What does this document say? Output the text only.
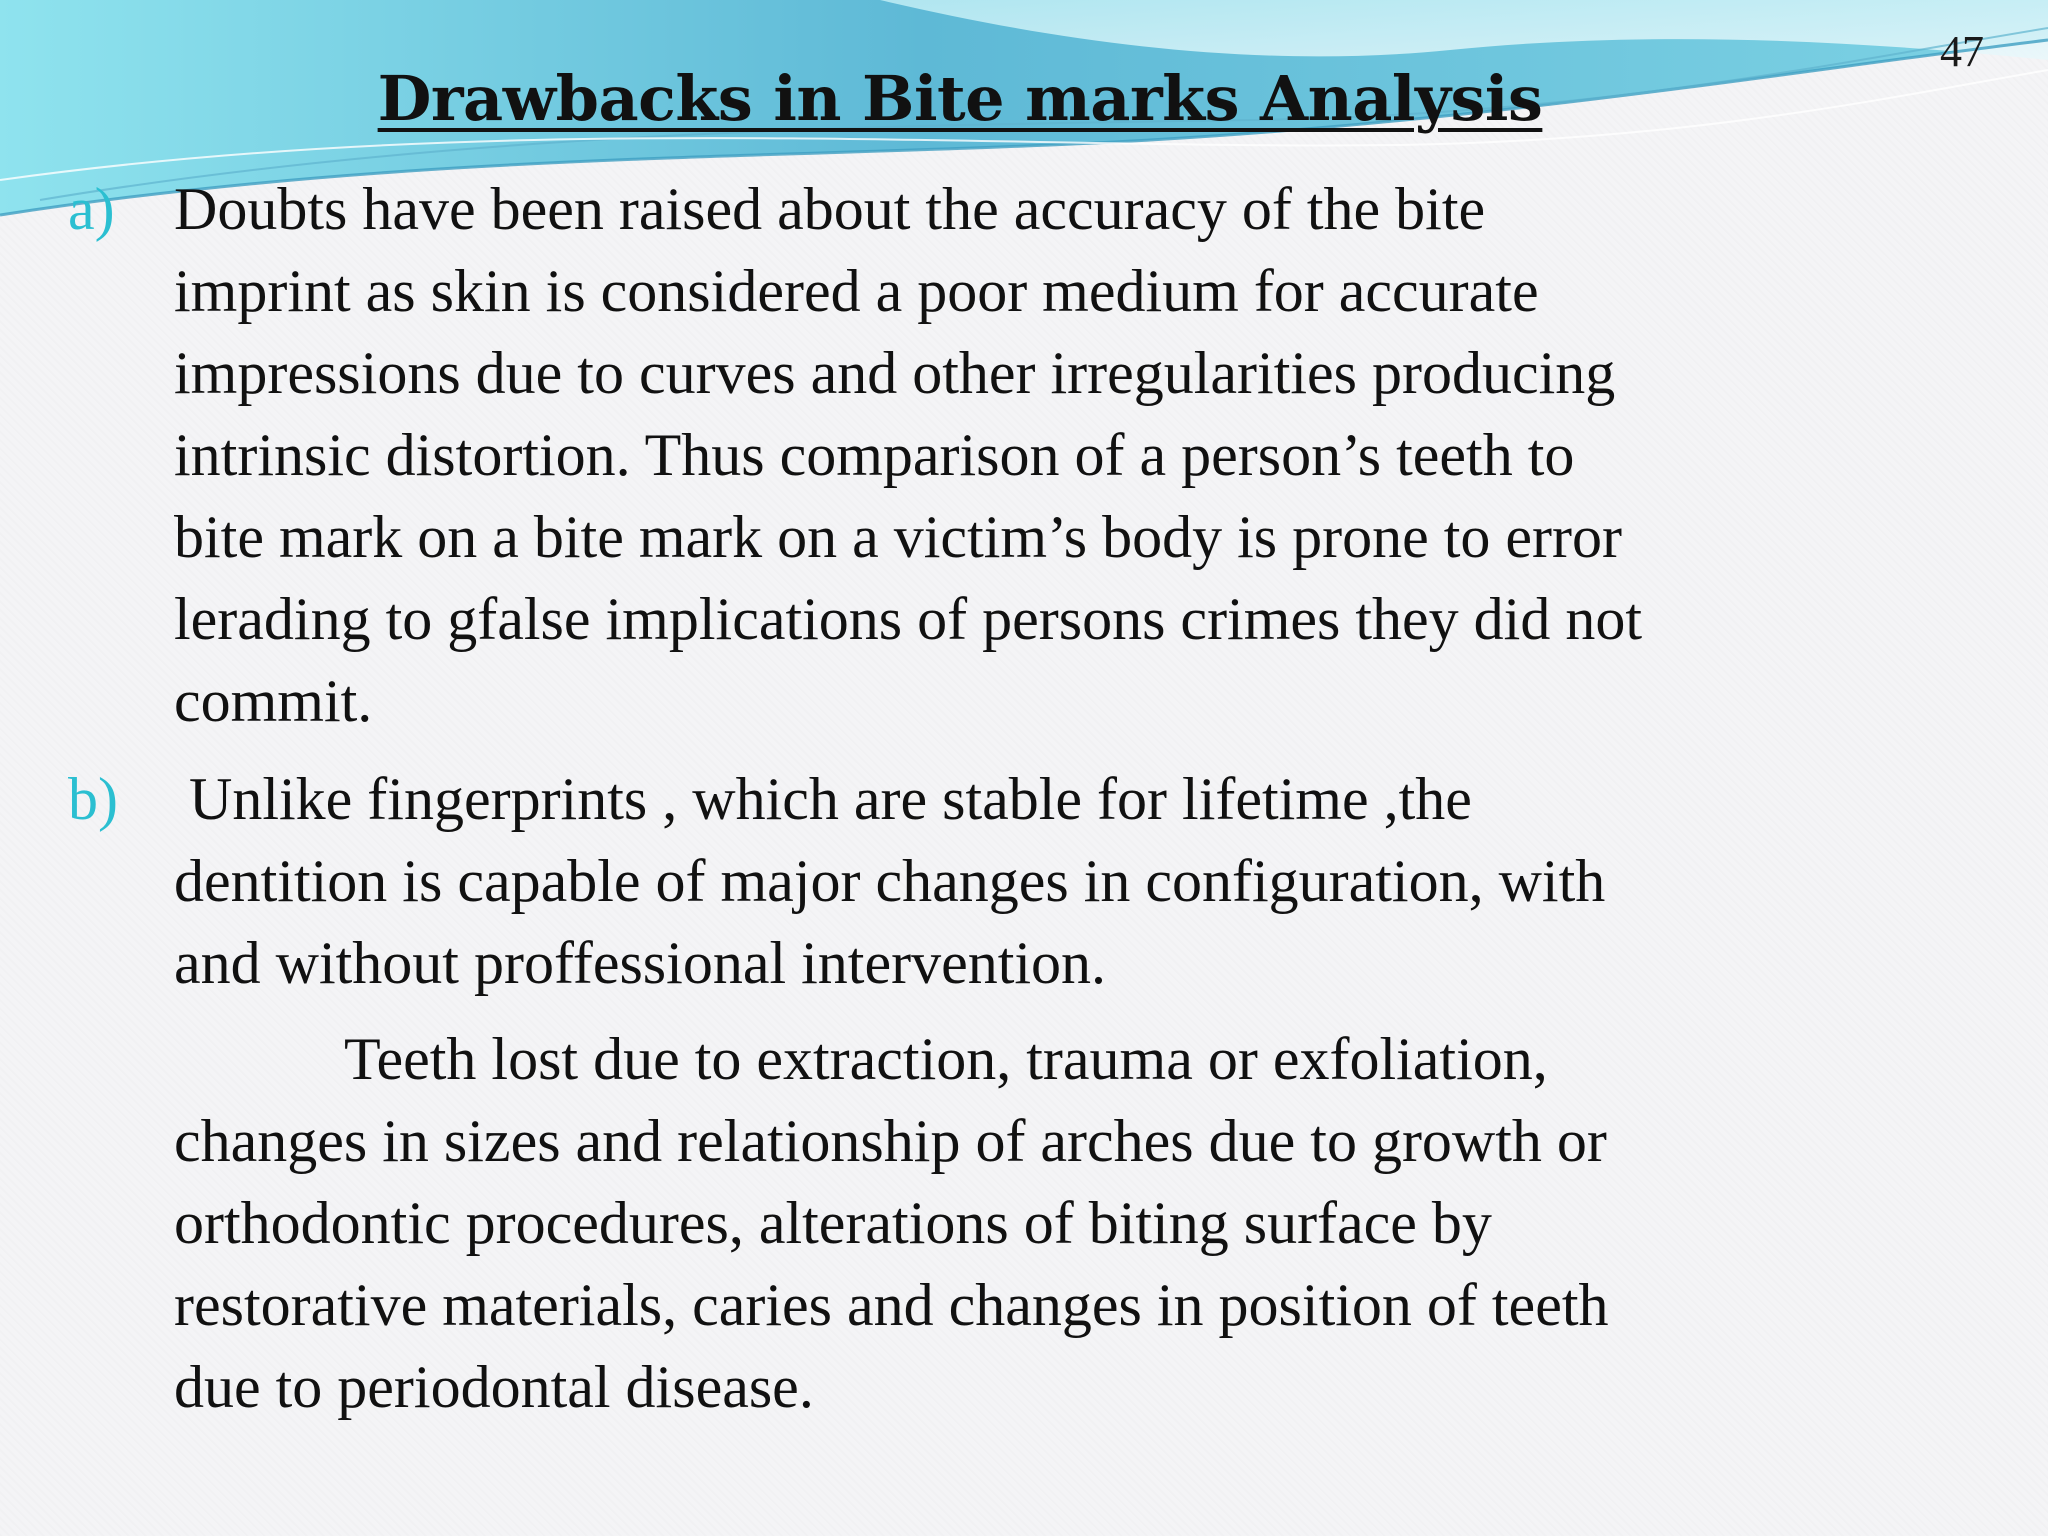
47
Drawbacks in Bite marks Analysis
a) Doubts have been raised about the accuracy of the bite
imprint as skin is considered a poor medium for accurate
impressions due to curves and other irregularities producing
intrinsic distortion. Thus comparison of a person’s teeth to
bite mark on a bite mark on a victim’s body is prone to error
lerading to gfalse implications of persons crimes they did not
commit.
b) Unlike fingerprints , which are stable for lifetime ,the
dentition is capable of major changes in configuration, with
and without proffessional intervention.
Teeth lost due to extraction, trauma or exfoliation,
changes in sizes and relationship of arches due to growth or
orthodontic procedures, alterations of biting surface by
restorative materials, caries and changes in position of teeth
due to periodontal disease.
